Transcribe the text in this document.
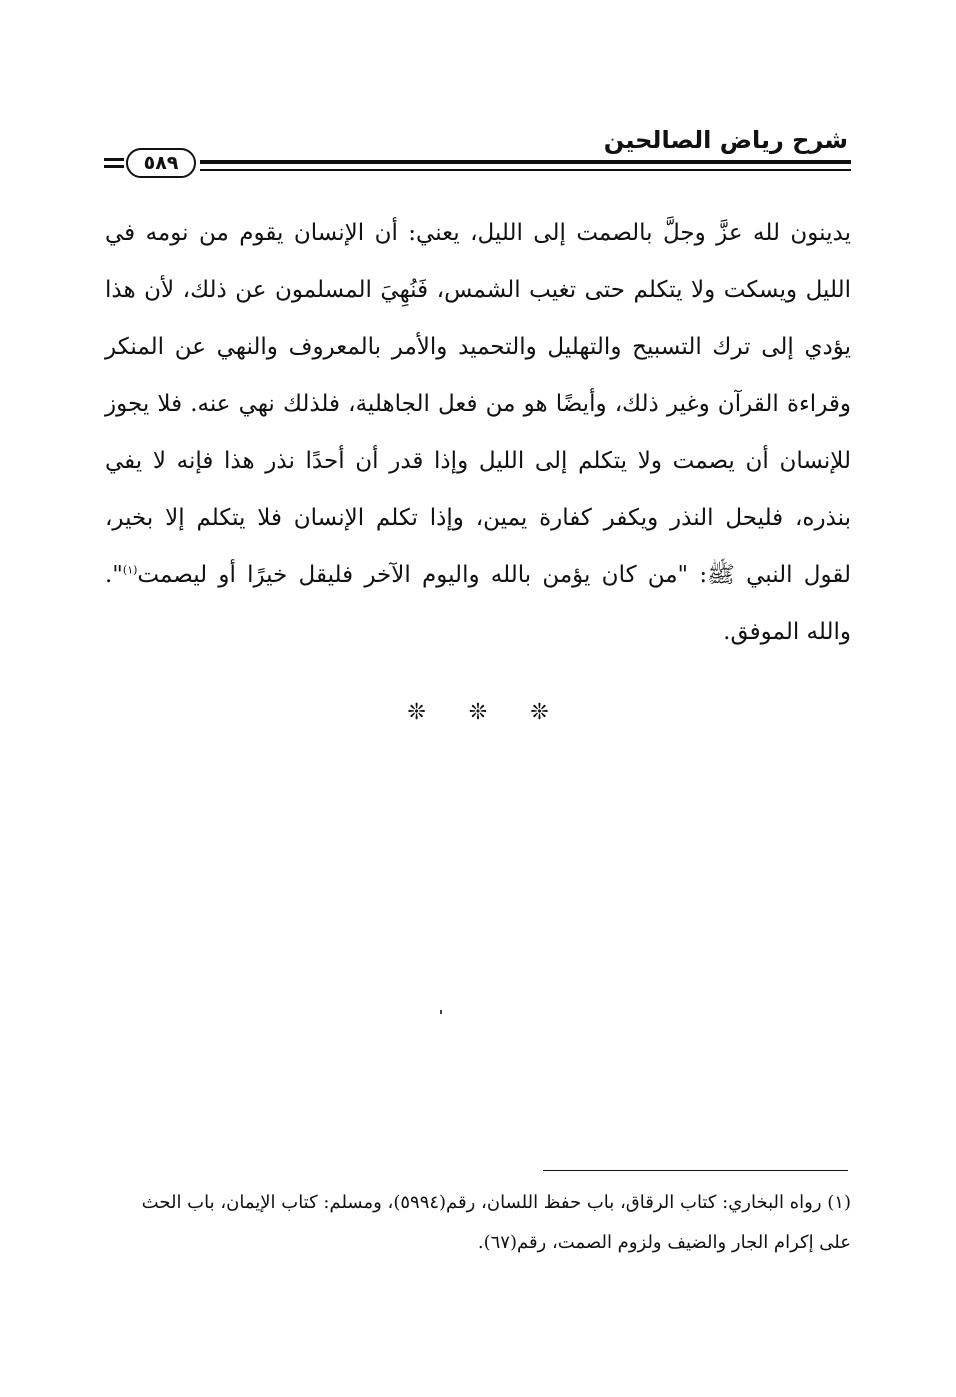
شرح رياض الصالحين
٥٨٩

يدينون لله عزَّ وجلَّ بالصمت إلى الليل، يعني: أن الإنسان يقوم من نومه في الليل ويسكت ولا يتكلم حتى تغيب الشمس، فَنُهِيَ المسلمون عن ذلك، لأن هذا يؤدي إلى ترك التسبيح والتهليل والتحميد والأمر بالمعروف والنهي عن المنكر وقراءة القرآن وغير ذلك، وأيضًا هو من فعل الجاهلية، فلذلك نهي عنه. فلا يجوز للإنسان أن يصمت ولا يتكلم إلى الليل وإذا قدر أن أحدًا نذر هذا فإنه لا يفي بنذره، فليحل النذر ويكفر كفارة يمين، وإذا تكلم الإنسان فلا يتكلم إلا بخير، لقول النبي ﷺ: "من كان يؤمن بالله واليوم الآخر فليقل خيرًا أو ليصمت$^{(١)}$". والله الموفق.

❊ ❊ ❊

(١) رواه البخاري: كتاب الرقاق، باب حفظ اللسان، رقم(٥٩٩٤)، ومسلم: كتاب الإيمان، باب الحث على إكرام الجار والضيف ولزوم الصمت، رقم(٦٧).
